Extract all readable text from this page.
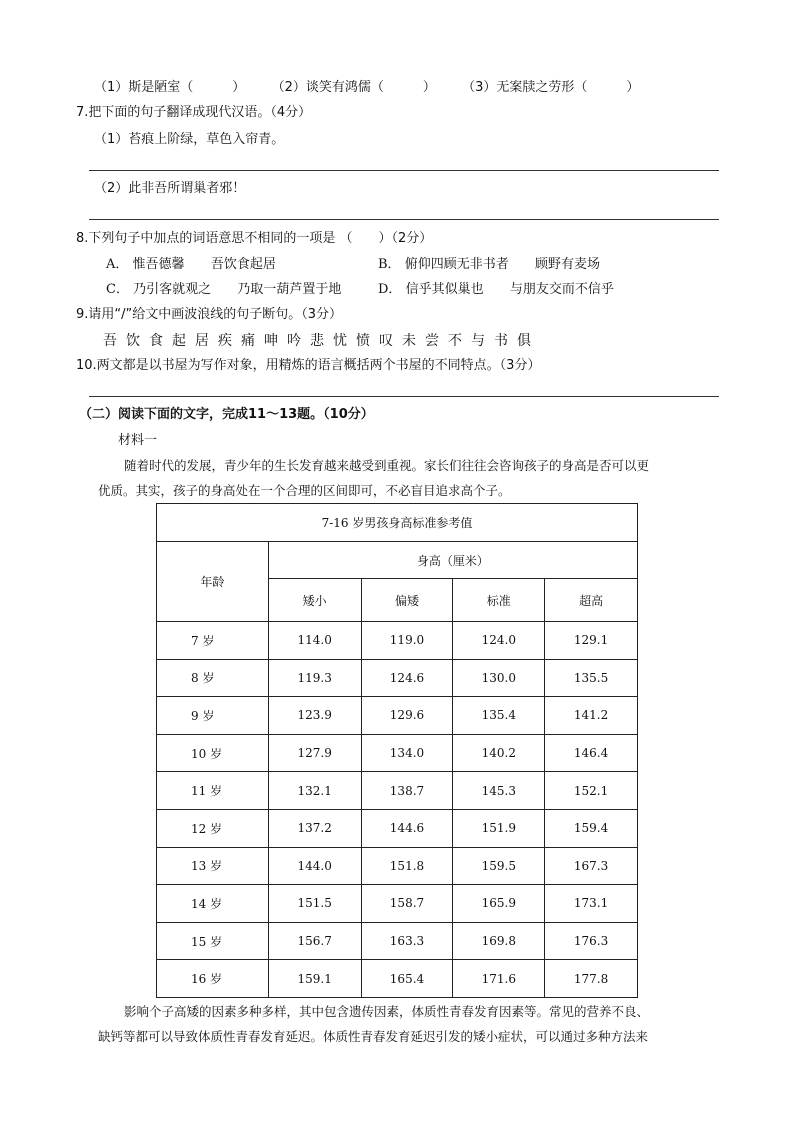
（1）斯是陋室（　　　） （2）谈笑有鸿儒（　　　） （3）无案牍之劳形（　　　）
7.把下面的句子翻译成现代汉语。（4分）
（1）苔痕上阶绿，草色入帘青。
（2）此非吾所谓巢者邪！
8.下列句子中加点的词语意思不相同的一项是 （　　）（2分）
A． 惟吾德馨 吾饮食起居	B． 俯仰四顾无非书者 顾野有麦场
C． 乃引客就观之 乃取一葫芦置于地	D． 信乎其似巢也 与朋友交而不信乎
9.请用“/”给文中画波浪线的句子断句。（3分）
吾饮食起居疾痛呻吟悲忧愤叹未尝不与书俱
10.两文都是以书屋为写作对象，用精炼的语言概括两个书屋的不同特点。（3分）
（二）阅读下面的文字，完成11～13题。（10分）
材料一
随着时代的发展，青少年的生长发育越来越受到重视。家长们往往会咨询孩子的身高是否可以更
优质。其实，孩子的身高处在一个合理的区间即可，不必盲目追求高个子。
7-16 岁男孩身高标准参考值				
年龄	身高（厘米）			
	矮小	偏矮	标准	超高
7 岁	114.0	119.0	124.0	129.1
8 岁	119.3	124.6	130.0	135.5
9 岁	123.9	129.6	135.4	141.2
10 岁	127.9	134.0	140.2	146.4
11 岁	132.1	138.7	145.3	152.1
12 岁	137.2	144.6	151.9	159.4
13 岁	144.0	151.8	159.5	167.3
14 岁	151.5	158.7	165.9	173.1
15 岁	156.7	163.3	169.8	176.3
16 岁	159.1	165.4	171.6	177.8
影响个子高矮的因素多种多样，其中包含遗传因素，体质性青春发育因素等。常见的营养不良、
缺钙等都可以导致体质性青春发育延迟。体质性青春发育延迟引发的矮小症状，可以通过多种方法来
